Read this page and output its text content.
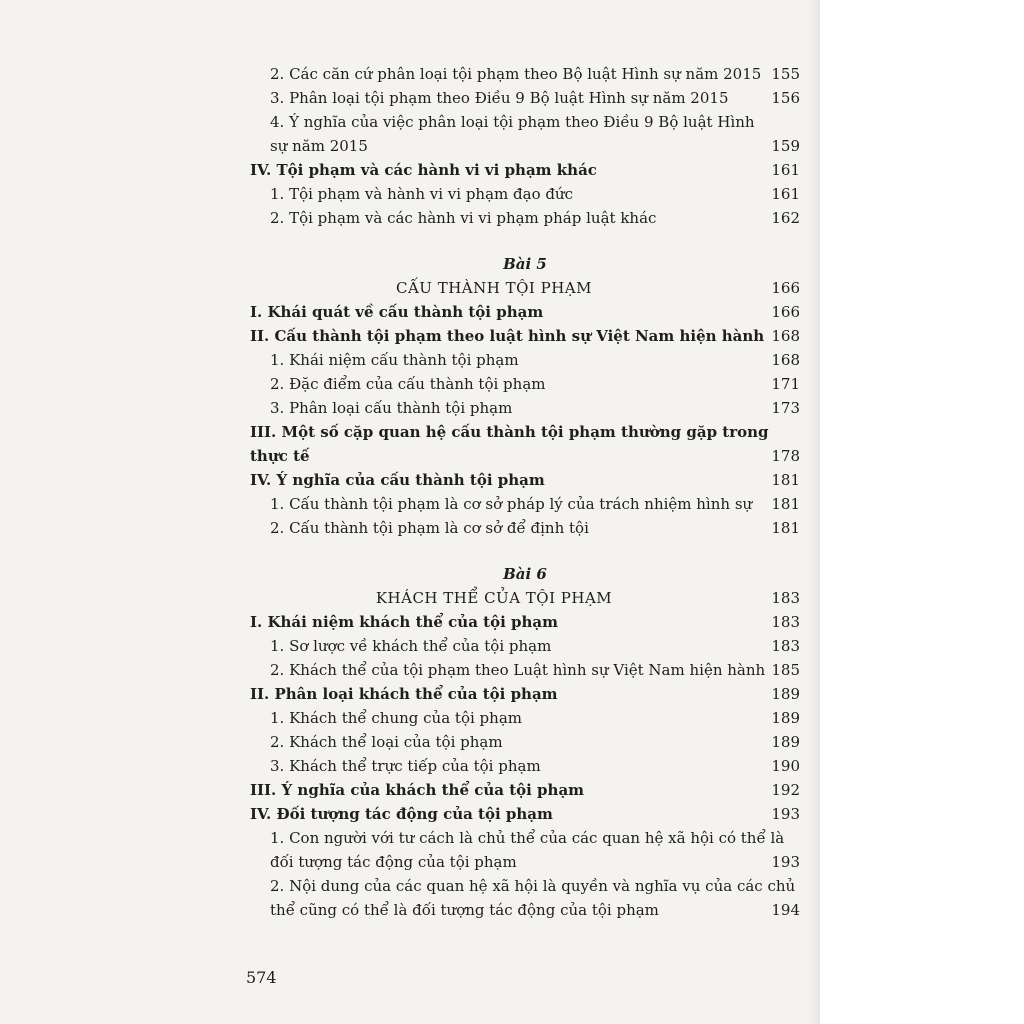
2. Các căn cứ phân loại tội phạm theo Bộ luật Hình sự năm 2015 155
3. Phân loại tội phạm theo Điều 9 Bộ luật Hình sự năm 2015	156
4. Ý nghĩa của việc phân loại tội phạm theo Điều 9 Bộ luật Hình
sự năm 2015	159
IV. Tội phạm và các hành vi vi phạm khác	161
1. Tội phạm và hành vi vi phạm đạo đức	161
2. Tội phạm và các hành vi vi phạm pháp luật khác	162
Bài 5
CẤU THÀNH TỘI PHẠM	166
I. Khái quát về cấu thành tội phạm	166
II. Cấu thành tội phạm theo luật hình sự Việt Nam hiện hành 168
1. Khái niệm cấu thành tội phạm	168
2. Đặc điểm của cấu thành tội phạm	171
3. Phân loại cấu thành tội phạm	173
III. Một số cặp quan hệ cấu thành tội phạm thường gặp trong
thực tế	178
IV. Ý nghĩa của cấu thành tội phạm	181
1. Cấu thành tội phạm là cơ sở pháp lý của trách nhiệm hình sự	181
2. Cấu thành tội phạm là cơ sở để định tội	181
Bài 6
KHÁCH THỂ CỦA TỘI PHẠM	183
I. Khái niệm khách thể của tội phạm	183
1. Sơ lược về khách thể của tội phạm	183
2. Khách thể của tội phạm theo Luật hình sự Việt Nam hiện hành 185
II. Phân loại khách thể của tội phạm	189
1. Khách thể chung của tội phạm	189
2. Khách thể loại của tội phạm	189
3. Khách thể trực tiếp của tội phạm	190
III. Ý nghĩa của khách thể của tội phạm	192
IV. Đối tượng tác động của tội phạm	193
1. Con người với tư cách là chủ thể của các quan hệ xã hội có thể là
đối tượng tác động của tội phạm	193
2. Nội dung của các quan hệ xã hội là quyền và nghĩa vụ của các chủ
thể cũng có thể là đối tượng tác động của tội phạm	194
574
